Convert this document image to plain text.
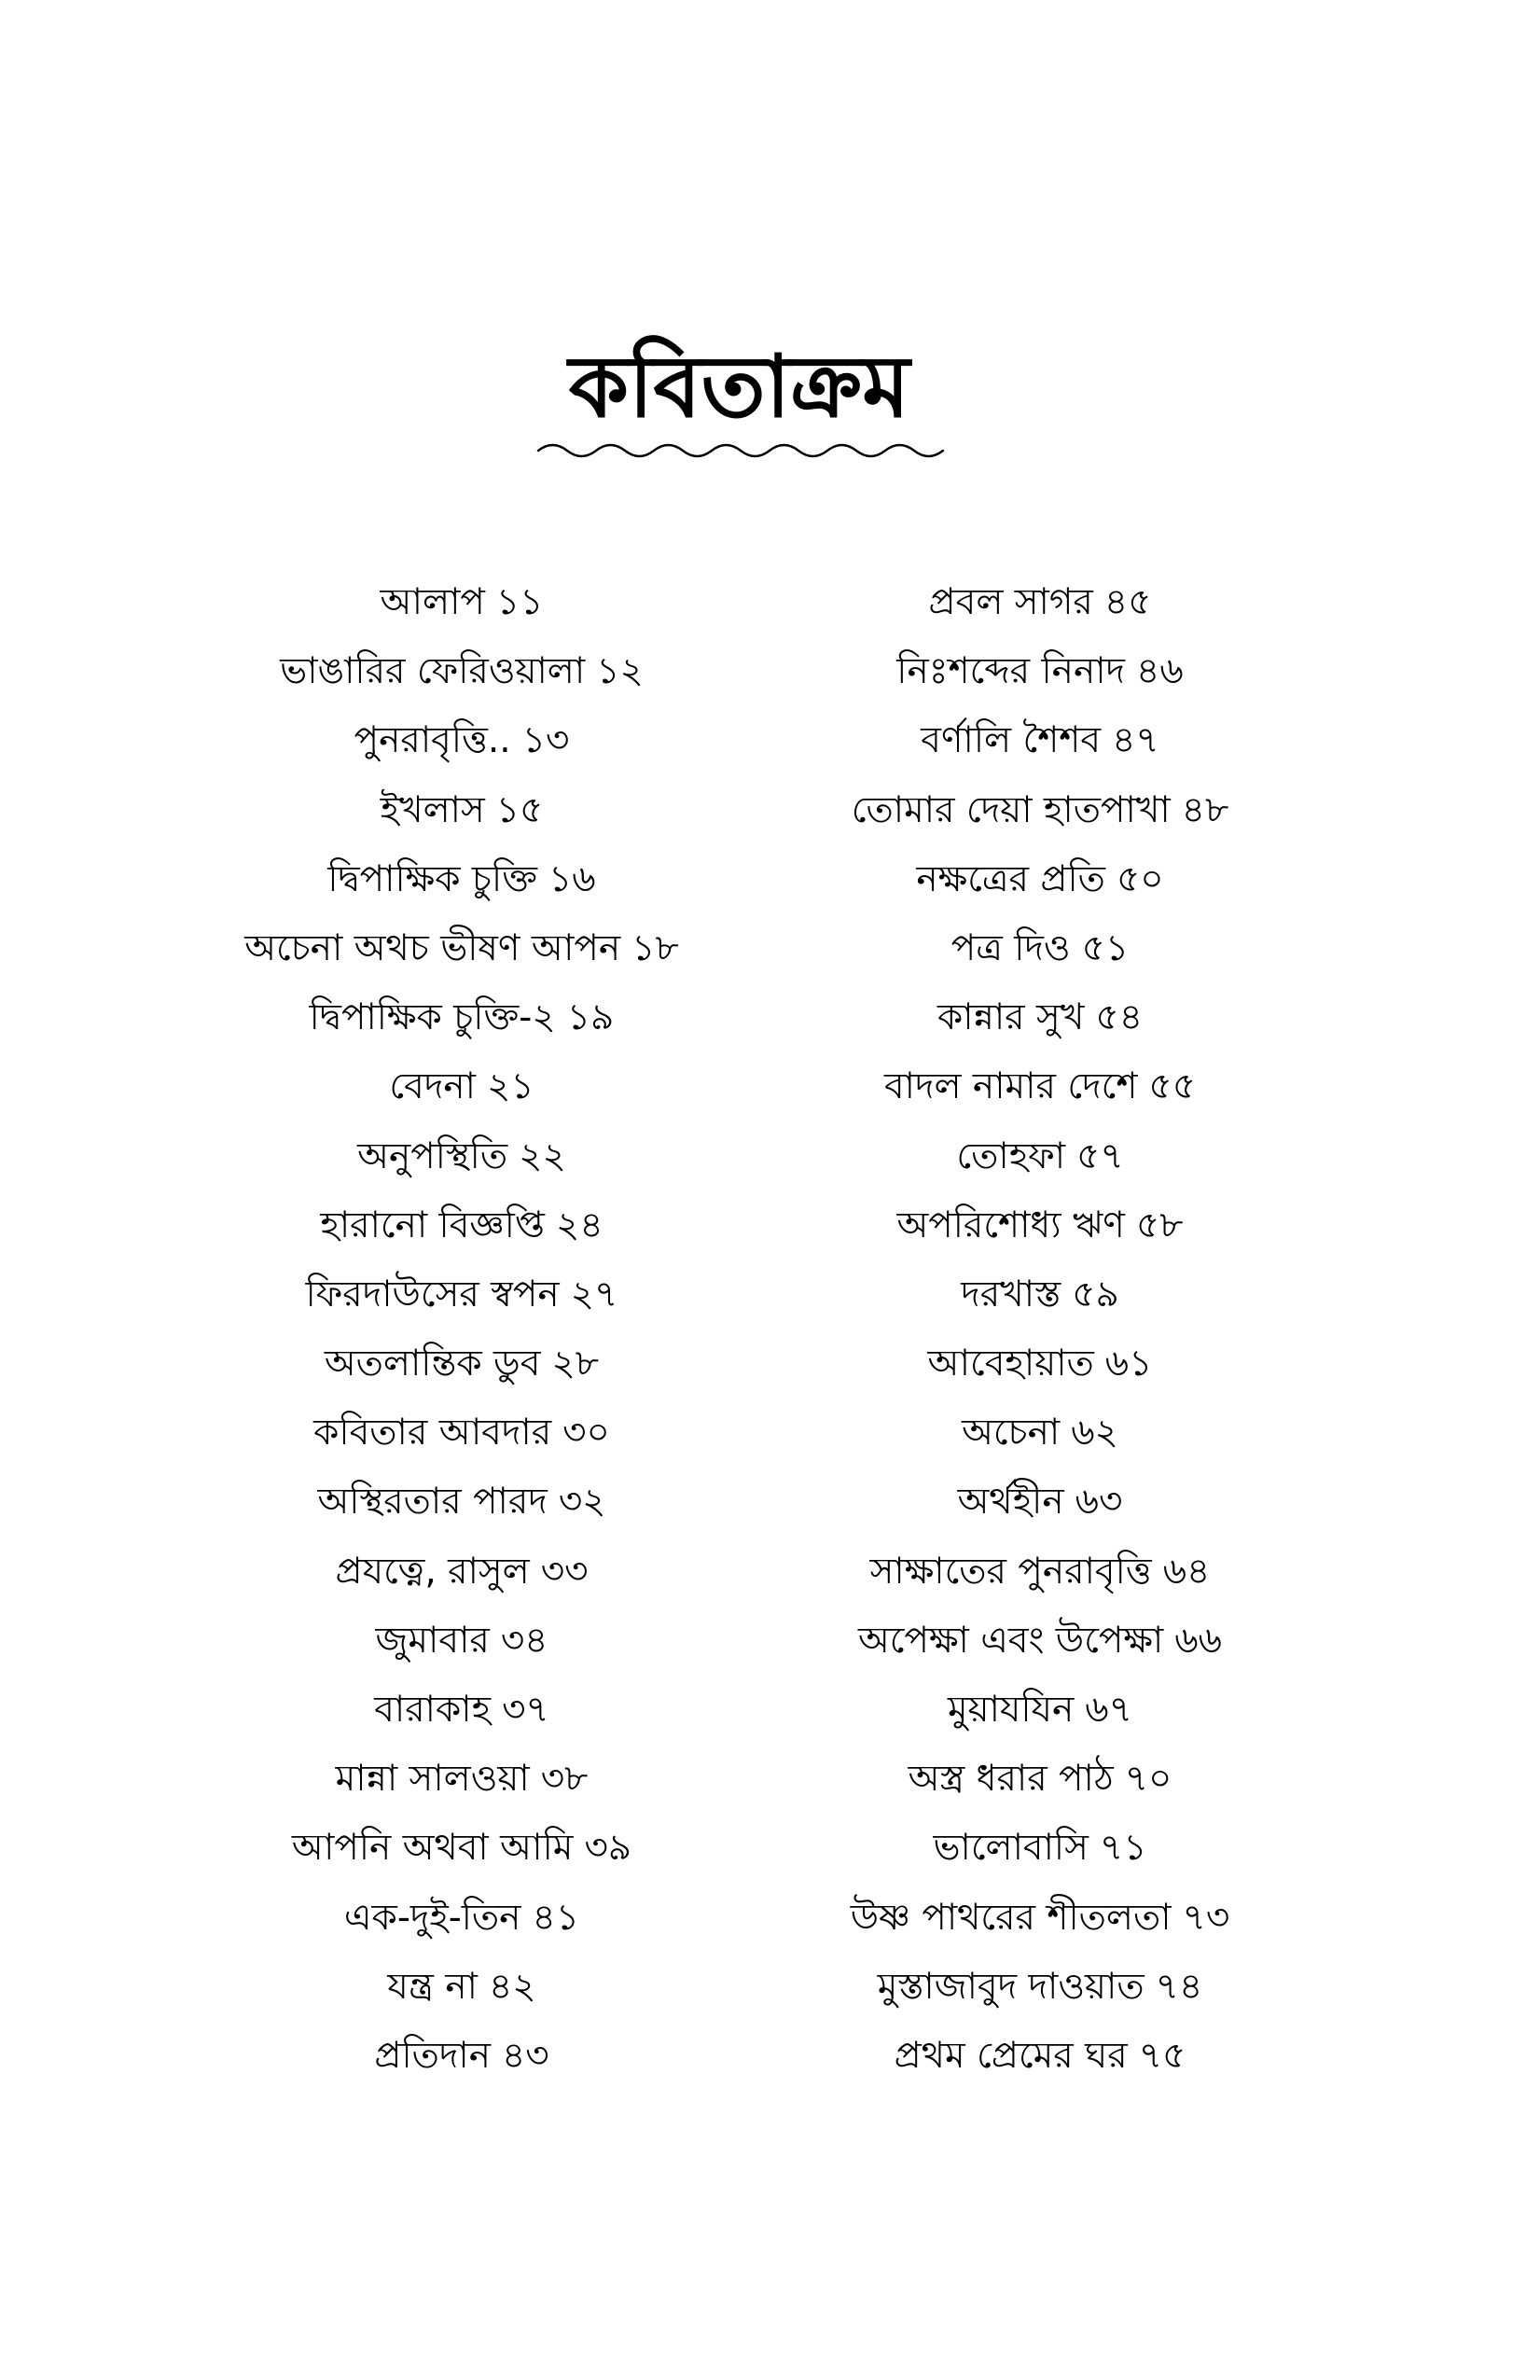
কবিতাক্রম
আলাপ ১১
ভাঙারির ফেরিওয়ালা ১২
পুনরাবৃত্তি.. ১৩
ইখলাস ১৫
দ্বিপাক্ষিক চুক্তি ১৬
অচেনা অথচ ভীষণ আপন ১৮
দ্বিপাক্ষিক চুক্তি-২ ১৯
বেদনা ২১
অনুপস্থিতি ২২
হারানো বিজ্ঞপ্তি ২৪
ফিরদাউসের স্বপন ২৭
অতলান্তিক ডুব ২৮
কবিতার আবদার ৩০
অস্থিরতার পারদ ৩২
প্রযত্নে, রাসুল ৩৩
জুমাবার ৩৪
বারাকাহ ৩৭
মান্না সালওয়া ৩৮
আপনি অথবা আমি ৩৯
এক-দুই-তিন ৪১
যন্ত্র না ৪২
প্রতিদান ৪৩
প্রবল সাগর ৪৫
নিঃশব্দের নিনাদ ৪৬
বর্ণালি শৈশব ৪৭
তোমার দেয়া হাতপাখা ৪৮
নক্ষত্রের প্রতি ৫০
পত্র দিও ৫১
কান্নার সুখ ৫৪
বাদল নামার দেশে ৫৫
তোহফা ৫৭
অপরিশোধ্য ঋণ ৫৮
দরখাস্ত ৫৯
আবেহায়াত ৬১
অচেনা ৬২
অর্থহীন ৬৩
সাক্ষাতের পুনরাবৃত্তি ৬৪
অপেক্ষা এবং উপেক্ষা ৬৬
মুয়াযযিন ৬৭
অস্ত্র ধরার পাঠ ৭০
ভালোবাসি ৭১
উষ্ণ পাথরের শীতলতা ৭৩
মুস্তাজাবুদ দাওয়াত ৭৪
প্রথম প্রেমের ঘর ৭৫
